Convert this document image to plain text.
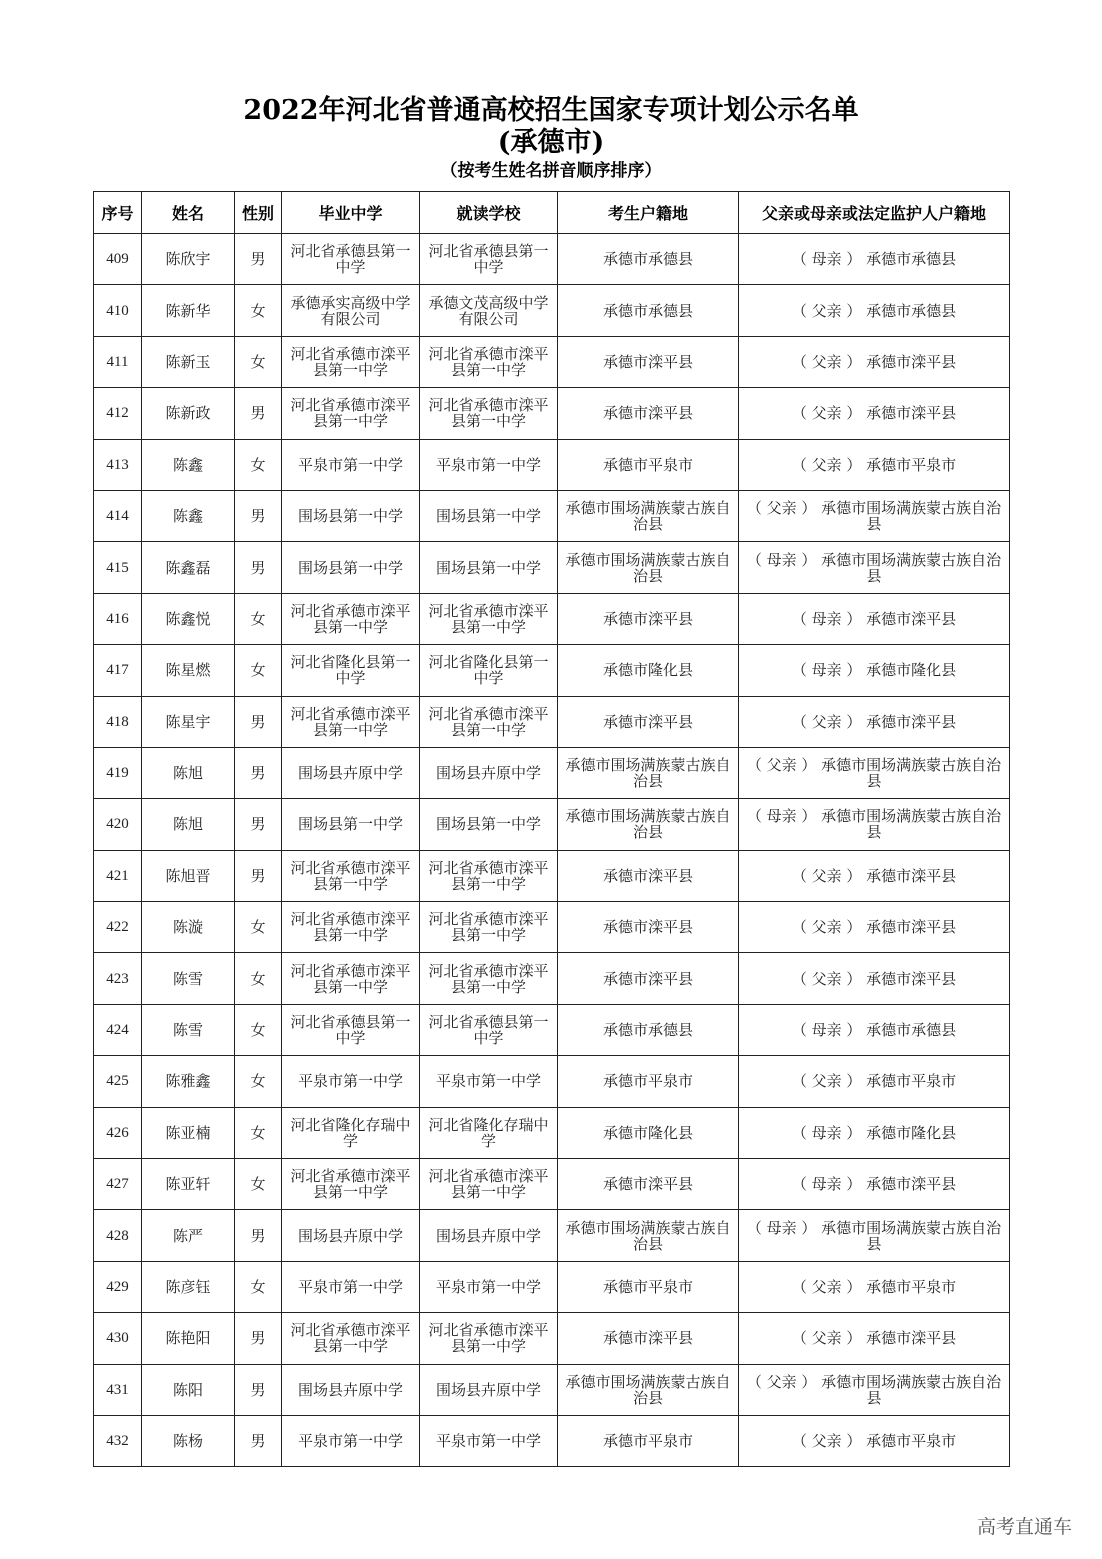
2022年河北省普通高校招生国家专项计划公示名单
(承德市)
（按考生姓名拼音顺序排序）
序号	姓名	性别	毕业中学	就读学校	考生户籍地	父亲或母亲或法定监护人户籍地
409	陈欣宇	男	河北省承德县第一中学	河北省承德县第一中学	承德市承德县	（ 母亲 ） 承德市承德县
410	陈新华	女	承德承实高级中学有限公司	承德文茂高级中学有限公司	承德市承德县	（ 父亲 ） 承德市承德县
411	陈新玉	女	河北省承德市滦平县第一中学	河北省承德市滦平县第一中学	承德市滦平县	（ 父亲 ） 承德市滦平县
412	陈新政	男	河北省承德市滦平县第一中学	河北省承德市滦平县第一中学	承德市滦平县	（ 父亲 ） 承德市滦平县
413	陈鑫	女	平泉市第一中学	平泉市第一中学	承德市平泉市	（ 父亲 ） 承德市平泉市
414	陈鑫	男	围场县第一中学	围场县第一中学	承德市围场满族蒙古族自治县	（ 父亲 ） 承德市围场满族蒙古族自治县
415	陈鑫磊	男	围场县第一中学	围场县第一中学	承德市围场满族蒙古族自治县	（ 母亲 ） 承德市围场满族蒙古族自治县
416	陈鑫悦	女	河北省承德市滦平县第一中学	河北省承德市滦平县第一中学	承德市滦平县	（ 母亲 ） 承德市滦平县
417	陈星燃	女	河北省隆化县第一中学	河北省隆化县第一中学	承德市隆化县	（ 母亲 ） 承德市隆化县
418	陈星宇	男	河北省承德市滦平县第一中学	河北省承德市滦平县第一中学	承德市滦平县	（ 父亲 ） 承德市滦平县
419	陈旭	男	围场县卉原中学	围场县卉原中学	承德市围场满族蒙古族自治县	（ 父亲 ） 承德市围场满族蒙古族自治县
420	陈旭	男	围场县第一中学	围场县第一中学	承德市围场满族蒙古族自治县	（ 母亲 ） 承德市围场满族蒙古族自治县
421	陈旭晋	男	河北省承德市滦平县第一中学	河北省承德市滦平县第一中学	承德市滦平县	（ 父亲 ） 承德市滦平县
422	陈漩	女	河北省承德市滦平县第一中学	河北省承德市滦平县第一中学	承德市滦平县	（ 父亲 ） 承德市滦平县
423	陈雪	女	河北省承德市滦平县第一中学	河北省承德市滦平县第一中学	承德市滦平县	（ 父亲 ） 承德市滦平县
424	陈雪	女	河北省承德县第一中学	河北省承德县第一中学	承德市承德县	（ 母亲 ） 承德市承德县
425	陈雅鑫	女	平泉市第一中学	平泉市第一中学	承德市平泉市	（ 父亲 ） 承德市平泉市
426	陈亚楠	女	河北省隆化存瑞中学	河北省隆化存瑞中学	承德市隆化县	（ 母亲 ） 承德市隆化县
427	陈亚轩	女	河北省承德市滦平县第一中学	河北省承德市滦平县第一中学	承德市滦平县	（ 母亲 ） 承德市滦平县
428	陈严	男	围场县卉原中学	围场县卉原中学	承德市围场满族蒙古族自治县	（ 母亲 ） 承德市围场满族蒙古族自治县
429	陈彦钰	女	平泉市第一中学	平泉市第一中学	承德市平泉市	（ 父亲 ） 承德市平泉市
430	陈艳阳	男	河北省承德市滦平县第一中学	河北省承德市滦平县第一中学	承德市滦平县	（ 父亲 ） 承德市滦平县
431	陈阳	男	围场县卉原中学	围场县卉原中学	承德市围场满族蒙古族自治县	（ 父亲 ） 承德市围场满族蒙古族自治县
432	陈杨	男	平泉市第一中学	平泉市第一中学	承德市平泉市	（ 父亲 ） 承德市平泉市
高考直通车
